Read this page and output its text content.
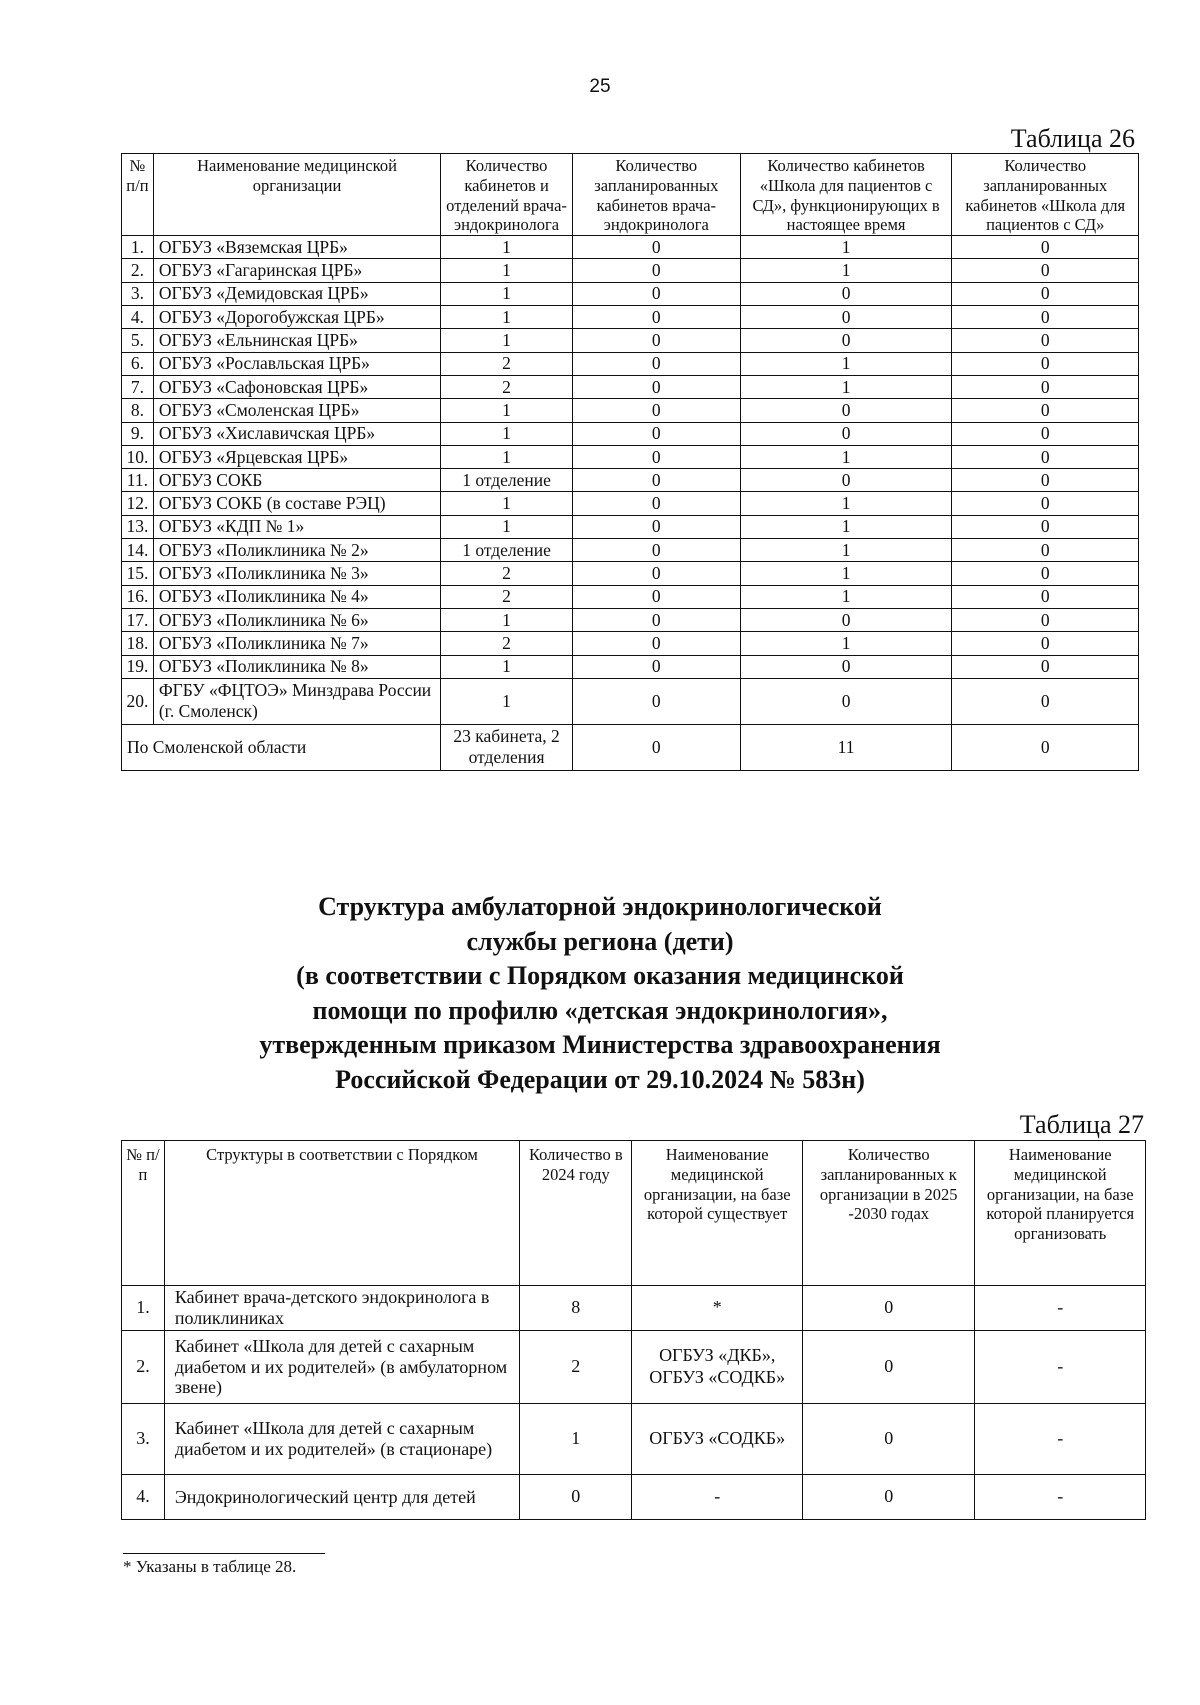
25
Таблица 26
№ п/п	Наименование медицинской организации	Количество кабинетов и отделений врача-эндокринолога	Количество запланированных кабинетов врача-эндокринолога	Количество кабинетов «Школа для пациентов с СД», функционирующих в настоящее время	Количество запланированных кабинетов «Школа для пациентов с СД»
1.	ОГБУЗ «Вяземская ЦРБ»	1	0	1	0
2.	ОГБУЗ «Гагаринская ЦРБ»	1	0	1	0
3.	ОГБУЗ «Демидовская ЦРБ»	1	0	0	0
4.	ОГБУЗ «Дорогобужская ЦРБ»	1	0	0	0
5.	ОГБУЗ «Ельнинская ЦРБ»	1	0	0	0
6.	ОГБУЗ «Рославльская ЦРБ»	2	0	1	0
7.	ОГБУЗ «Сафоновская ЦРБ»	2	0	1	0
8.	ОГБУЗ «Смоленская ЦРБ»	1	0	0	0
9.	ОГБУЗ «Хиславичская ЦРБ»	1	0	0	0
10.	ОГБУЗ «Ярцевская ЦРБ»	1	0	1	0
11.	ОГБУЗ СОКБ	1 отделение	0	0	0
12.	ОГБУЗ СОКБ (в составе РЭЦ)	1	0	1	0
13.	ОГБУЗ «КДП № 1»	1	0	1	0
14.	ОГБУЗ «Поликлиника № 2»	1 отделение	0	1	0
15.	ОГБУЗ «Поликлиника № 3»	2	0	1	0
16.	ОГБУЗ «Поликлиника № 4»	2	0	1	0
17.	ОГБУЗ «Поликлиника № 6»	1	0	0	0
18.	ОГБУЗ «Поликлиника № 7»	2	0	1	0
19.	ОГБУЗ «Поликлиника № 8»	1	0	0	0
20.	ФГБУ «ФЦТОЭ» Минздрава России (г. Смоленск)	1	0	0	0
По Смоленской области		23 кабинета, 2 отделения	0	11	0
Структура амбулаторной эндокринологической
службы региона (дети)
(в соответствии с Порядком оказания медицинской
помощи по профилю «детская эндокринология»,
утвержденным приказом Министерства здравоохранения
Российской Федерации от 29.10.2024 № 583н)
Таблица 27
№ п/п	Структуры в соответствии с Порядком	Количество в 2024 году	Наименование медицинской организации, на базе которой существует	Количество запланированных к организации в 2025 -2030 годах	Наименование медицинской организации, на базе которой планируется организовать
1.	Кабинет врача-детского эндокринолога в поликлиниках	8	*	0	-
2.	Кабинет «Школа для детей с сахарным диабетом и их родителей» (в амбулаторном звене)	2	ОГБУЗ «ДКБ», ОГБУЗ «СОДКБ»	0	-
3.	Кабинет «Школа для детей с сахарным диабетом и их родителей» (в стационаре)	1	ОГБУЗ «СОДКБ»	0	-
4.	Эндокринологический центр для детей	0	-	0	-
* Указаны в таблице 28.
